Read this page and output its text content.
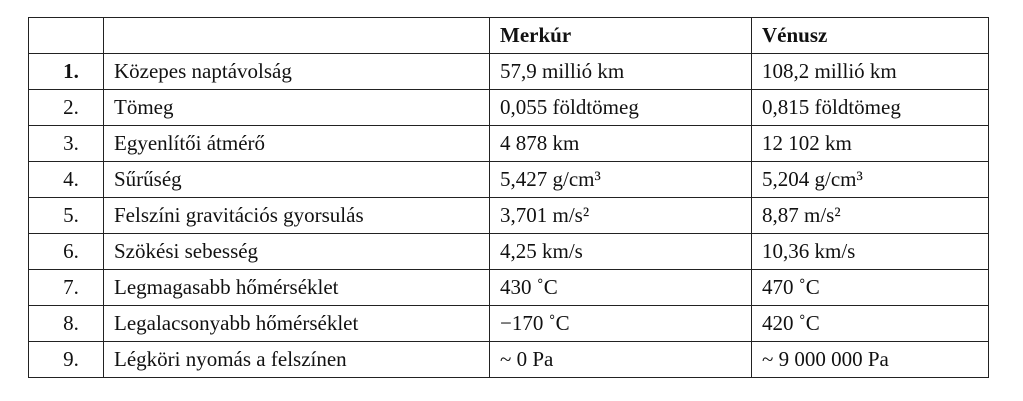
		Merkúr	Vénusz
1.	Közepes naptávolság	57,9 millió km	108,2 millió km
2.	Tömeg	0,055 földtömeg	0,815 földtömeg
3.	Egyenlítői átmérő	4 878 km	12 102 km
4.	Sűrűség	5,427 g/cm³	5,204 g/cm³
5.	Felszíni gravitációs gyorsulás	3,701 m/s²	8,87 m/s²
6.	Szökési sebesség	4,25 km/s	10,36 km/s
7.	Legmagasabb hőmérséklet	430 ˚C	470 ˚C
8.	Legalacsonyabb hőmérséklet	−170 ˚C	420 ˚C
9.	Légköri nyomás a felszínen	~ 0 Pa	~ 9 000 000 Pa
